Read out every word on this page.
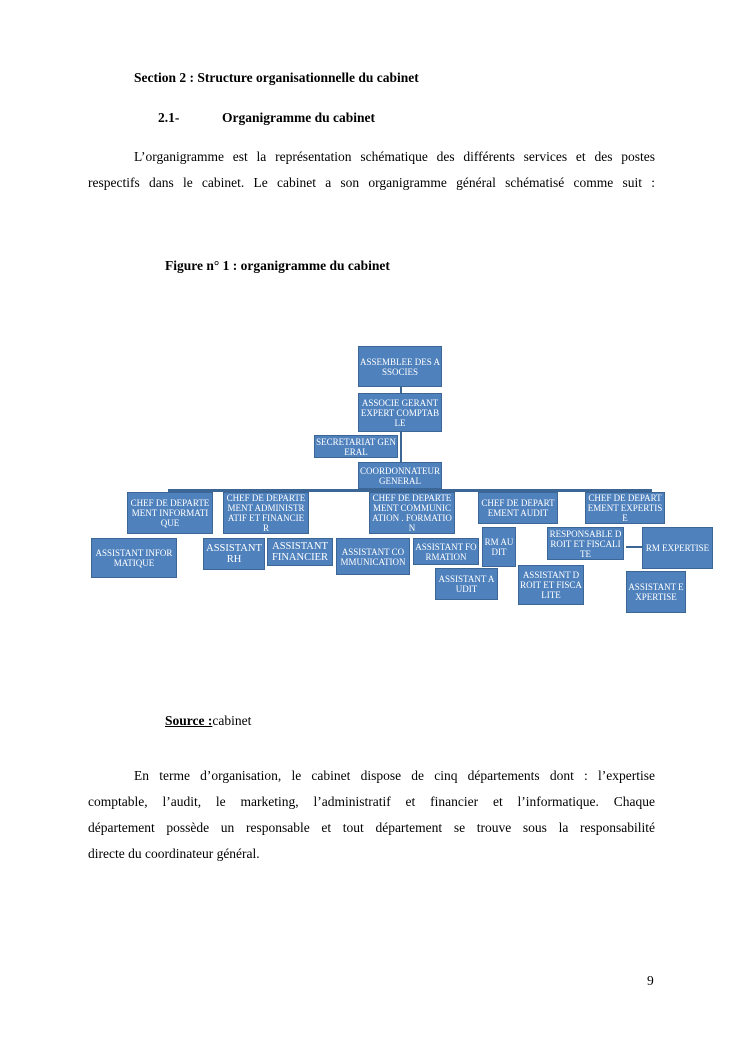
Section 2 : Structure organisationnelle du cabinet
2.1-	Organigramme du cabinet
L’organigramme est la représentation schématique des différents services et des postes
respectifs dans le cabinet. Le cabinet a son organigramme général schématisé comme suit :
Figure n° 1 : organigramme du cabinet
ASSEMBLEE DES ASSOCIES
ASSOCIE GERANT EXPERT COMPTABLE
SECRETARIAT GENERAL
COORDONNATEUR GENERAL
CHEF DE DEPARTEMENT INFORMATIQUE
CHEF DE DEPARTEMENT ADMINISTRATIF ET FINANCIER
CHEF DE DEPARTEMENT COMMUNICATION . FORMATION
CHEF DE DEPARTEMENT AUDIT
CHEF DE DEPARTEMENT EXPERTISE
ASSISTANT INFORMATIQUE
ASSISTANT RH
ASSISTANT FINANCIER
ASSISTANT COMMUNICATION
ASSISTANT FORMATION
RM AUDIT
ASSISTANT AUDIT
RESPONSABLE DROIT ET FISCALITE
ASSISTANT DROIT ET FISCALITE
RM EXPERTISE
ASSISTANT EXPERTISE
Source :cabinet
En terme d’organisation, le cabinet dispose de cinq départements dont : l’expertise
comptable, l’audit, le marketing, l’administratif et financier et l’informatique. Chaque
département possède un responsable et tout département se trouve sous la responsabilité
directe du coordinateur général.
9
